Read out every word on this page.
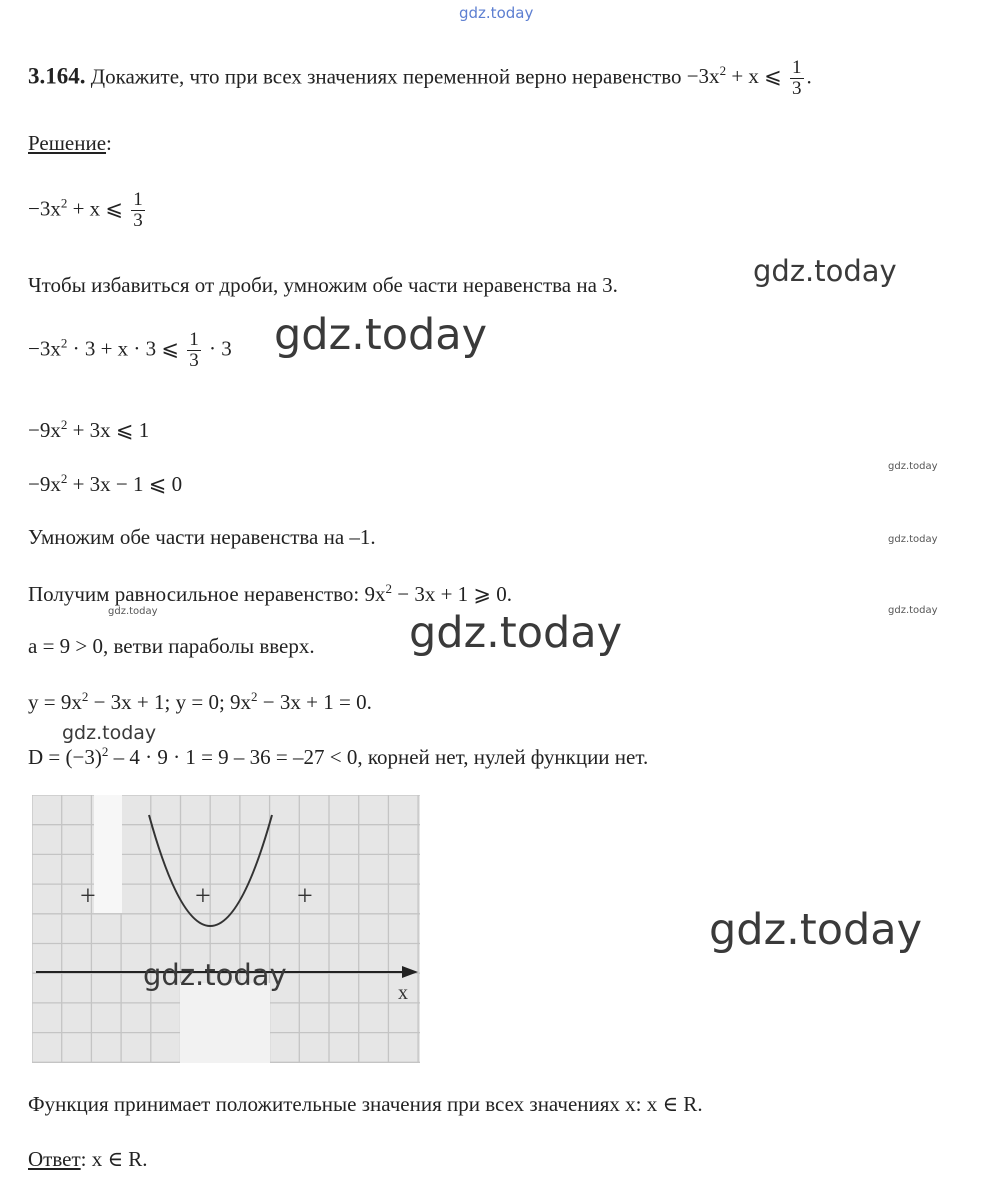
gdz.today
3.164. Докажите, что при всех значениях переменной верно неравенство $-3x^2 + x$ ⩽ $\frac{1}{3}$ .
Решение:
$-3x^2 + x$ ⩽ $\frac{1}{3}$
Чтобы избавиться от дроби, умножим обе части неравенства на 3.
$-3x^2 \cdot 3 + x \cdot 3$ ⩽ $\frac{1}{3} \cdot 3$
$-9x^2 + 3x$ ⩽ 1
$-9x^2 + 3x - 1$ ⩽ 0
Умножим обе части неравенства на –1.
Получим равносильное неравенство: $9x^2 - 3x + 1$ ⩾ 0.
a = 9 > 0, ветви параболы вверх.
$y = 9x^2 - 3x + 1$; y = 0; $9x^2 - 3x + 1 = 0$.
$D = (-3)^2 - 4 \cdot 9 \cdot 1 = 9 - 36 = -27 < 0$, корней нет, нулей функции нет.
+	+	+
x
Функция принимает положительные значения при всех значениях x: x ∈ R.
Ответ: x ∈ R.
gdz.today
gdz.today
gdz.today
gdz.today
gdz.today
gdz.today	gdz.today
gdz.today
gdz.today
gdz.today
